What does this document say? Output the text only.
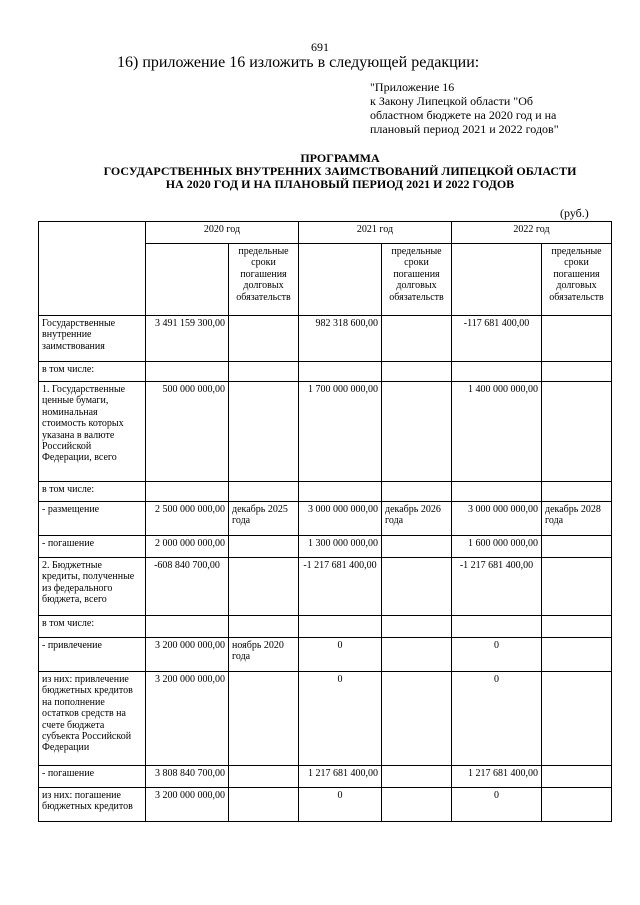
691
16) приложение 16 изложить в следующей редакции:
"Приложение 16
к Закону Липецкой области "Об
областном бюджете на 2020 год и на
плановый период 2021 и 2022 годов"
ПРОГРАММА
ГОСУДАРСТВЕННЫХ ВНУТРЕННИХ ЗАИМСТВОВАНИЙ ЛИПЕЦКОЙ ОБЛАСТИ
НА 2020 ГОД И НА ПЛАНОВЫЙ ПЕРИОД 2021 И 2022 ГОДОВ
(руб.)
	2020 год		2021 год		2022 год	
		предельные сроки погашения долговых обязательств		предельные сроки погашения долговых обязательств		предельные сроки погашения долговых обязательств
Государственные внутренние заимствования	3 491 159 300,00		982 318 600,00		-117 681 400,00	
в том числе:						
1. Государственные ценные бумаги, номинальная стоимость которых указана в валюте Российской Федерации, всего	500 000 000,00		1 700 000 000,00		1 400 000 000,00	
в том числе:						
- размещение	2 500 000 000,00	декабрь 2025 года	3 000 000 000,00	декабрь 2026 года	3 000 000 000,00	декабрь 2028 года
- погашение	2 000 000 000,00		1 300 000 000,00		1 600 000 000,00	
2. Бюджетные кредиты, полученные из федерального бюджета, всего	-608 840 700,00		-1 217 681 400,00		-1 217 681 400,00	
в том числе:						
- привлечение	3 200 000 000,00	ноябрь 2020 года	0		0	
из них: привлечение бюджетных кредитов на пополнение остатков средств на счете бюджета субъекта Российской Федерации	3 200 000 000,00		0		0	
- погашение	3 808 840 700,00		1 217 681 400,00		1 217 681 400,00	
из них: погашение бюджетных кредитов	3 200 000 000,00		0		0	
